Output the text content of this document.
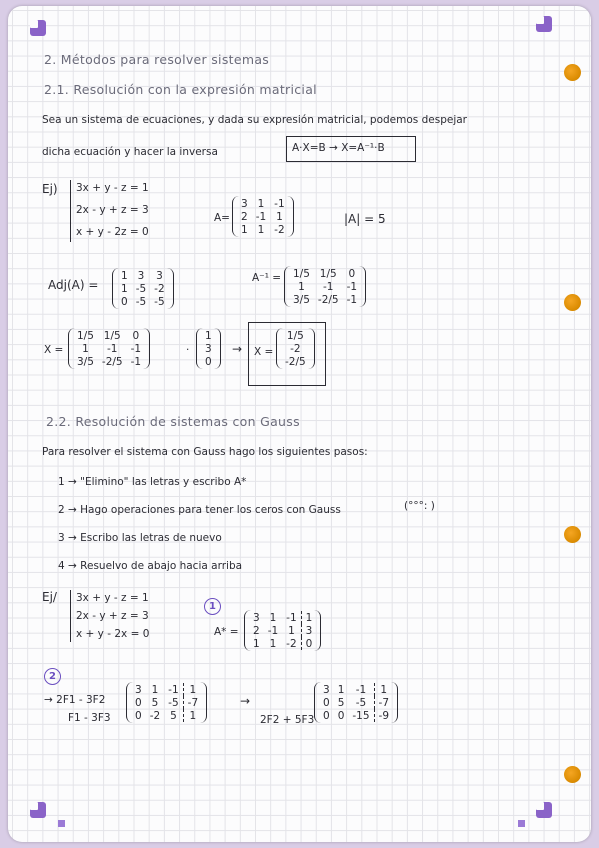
2. Métodos para resolver sistemas
2.1. Resolución con la expresión matricial
Sea un sistema de ecuaciones, y dada su expresión matricial, podemos despejar
dicha ecuación y hacer la inversa	A·X=B → X=A⁻¹·B
Ej) 3x + y - z = 1
2x - y + z = 3
x + y - 2z = 0
A=
3	1	-1
2	-1	1
1	1	-2
|A| = 5
Adj(A) =
1	3	3
1	-5	-2
0	-5	-5
A⁻¹ = 1/5	1/5	0
1	-1	-1
3/5	-2/5	-1
X =
1/5	1/5	0
1	-1	-1
3/5	-2/5	-1
·
1
3
0
→ X =
1/5
-2
-2/5
2.2. Resolución de sistemas con Gauss
Para resolver el sistema con Gauss hago los siguientes pasos:
1 → "Elimino" las letras y escribo A*
2 → Hago operaciones para tener los ceros con Gauss	(°°°: )
3 → Escribo las letras de nuevo
4 → Resuelvo de abajo hacia arriba
Ej/ 3x + y - z = 1
2x - y + z = 3
x + y - 2x = 0
1
A* =
3	1	-1	1
2	-1	1	3
1	1	-2	0
2
→ 2F1 - 3F2
F1 - 3F3
3	1	-1	1
0	5	-5	-7
0	-2	5	1
→
2F2 + 5F3
3	1	-1	1
0	5	-5	-7
0	0	-15	-9
